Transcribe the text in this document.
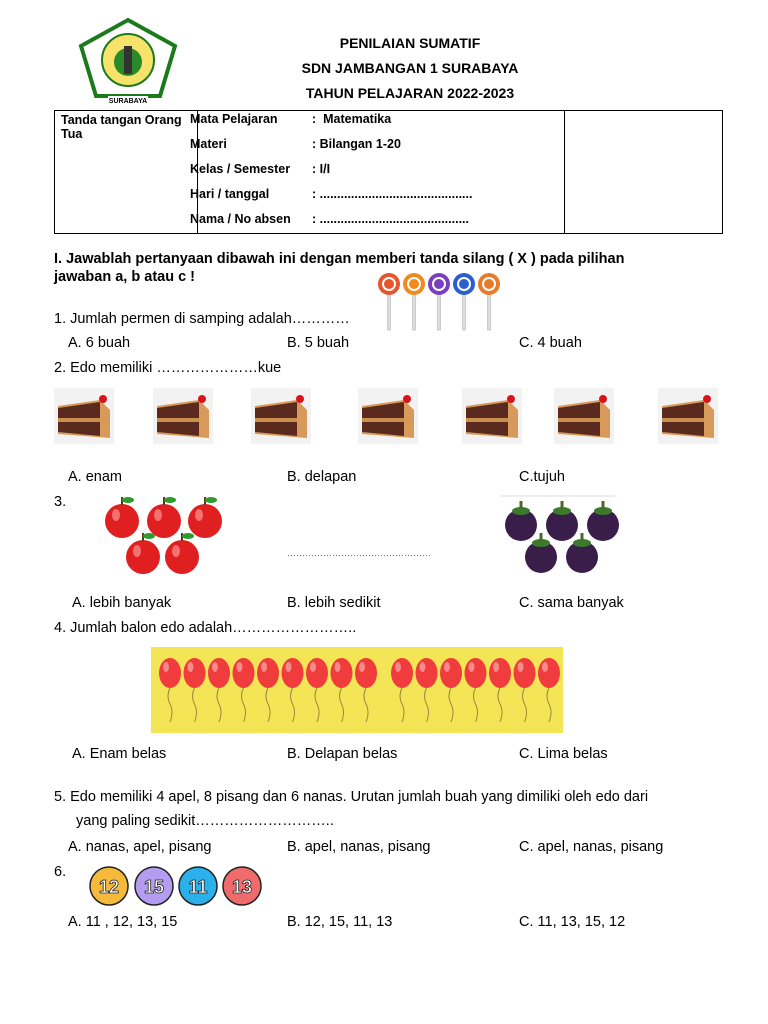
SURABAYA
PENILAIAN SUMATIF
SDN JAMBANGAN 1 SURABAYA
TAHUN PELAJARAN 2022-2023
Tanda tangan Orang Tua		
Mata Pelajaran	: Matematika
Materi	: Bilangan 1-20
Kelas / Semester : I/I
Hari / tanggal	: ............................................
Nama / No absen : ...........................................
I. Jawablah pertanyaan dibawah ini dengan memberi tanda silang ( X ) pada pilihan
jawaban a, b atau c !
1. Jumlah permen di samping adalah…………
A. 6 buah	B. 5 buah	C. 4 buah
2. Edo memiliki …………………kue
A. enam	B. delapan	C.tujuh
3.
…………………………………………
A. lebih banyak	B. lebih sedikit	C. sama banyak
4. Jumlah balon edo adalah……………………..
A. Enam belas	B. Delapan belas	C. Lima belas
5. Edo memiliki 4 apel, 8 pisang dan 6 nanas. Urutan jumlah buah yang dimiliki oleh edo dari
yang paling sedikit………………………..
A. nanas, apel, pisang	B. apel, nanas, pisang	C. apel, nanas, pisang
6.
12 15 11 13
A. 11 , 12, 13, 15	B. 12, 15, 11, 13	C. 11, 13, 15, 12
